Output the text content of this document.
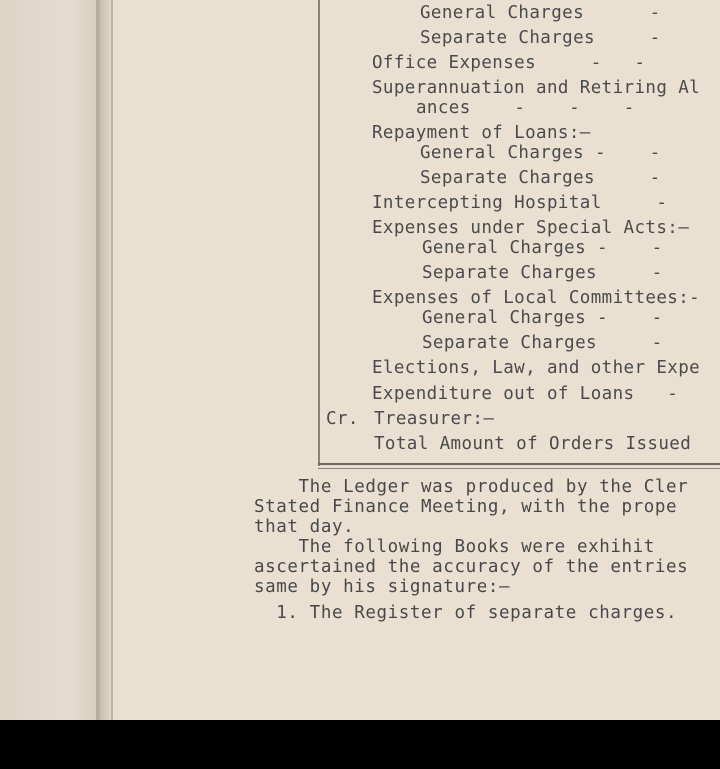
General Charges      -
Separate Charges     -
Office Expenses     -   -
Superannuation and Retiring Al
ances    -    -    -
Repayment of Loans:—
General Charges -    -
Separate Charges     -
Intercepting Hospital     -
Expenses under Special Acts:—
General Charges -    -
Separate Charges     -
Expenses of Local Committees:-
General Charges -    -
Separate Charges     -
Elections, Law, and other Expe
Expenditure out of Loans   -
Cr. Treasurer:—
Total Amount of Orders Issued
The Ledger was produced by the Cler
Stated Finance Meeting, with the prope
that day.
The following Books were exhihit
ascertained the accuracy of the entries
same by his signature:—
1. The Register of separate charges.
